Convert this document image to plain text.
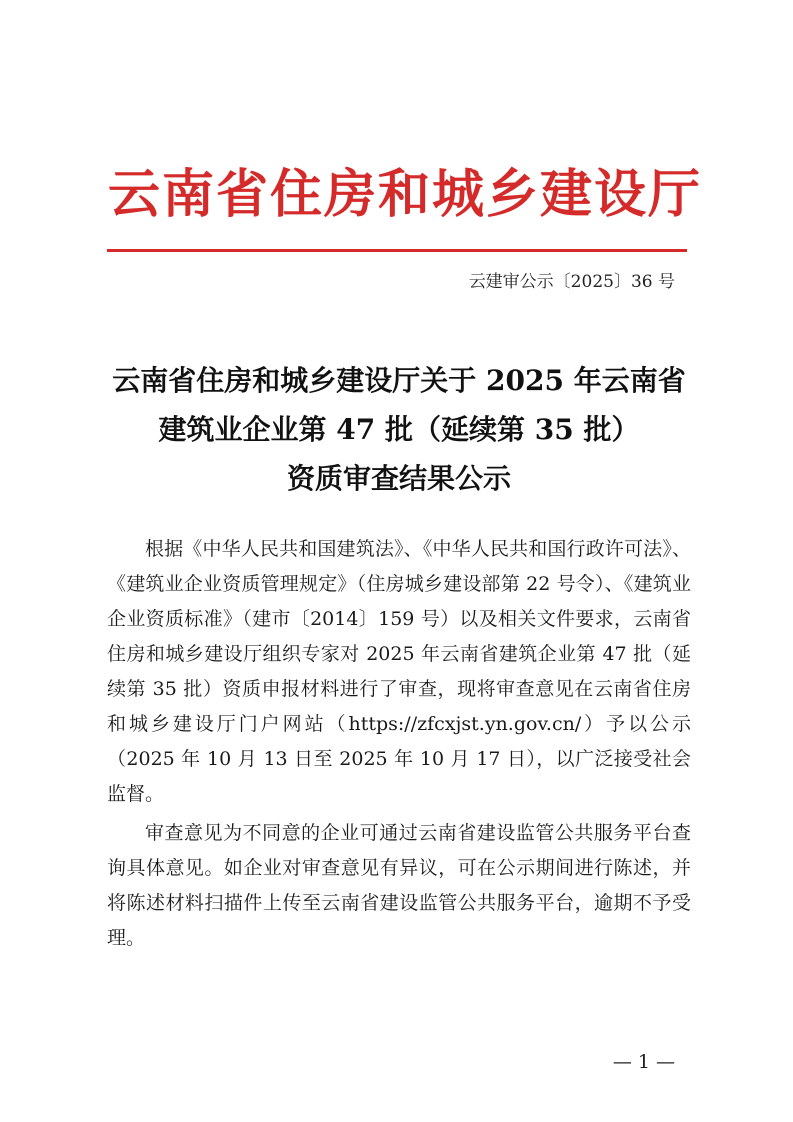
云南省住房和城乡建设厅
云建审公示〔2025〕36 号
云南省住房和城乡建设厅关于 2025 年云南省
建筑业企业第 47 批（延续第 35 批）
资质审查结果公示

根据《中华人民共和国建筑法》、《中华人民共和国行政许可法》、《建筑业企业资质管理规定》（住房城乡建设部第 22 号令）、《建筑业企业资质标准》（建市〔2014〕159 号）以及相关文件要求，云南省住房和城乡建设厅组织专家对 2025 年云南省建筑企业第 47 批（延续第 35 批）资质申报材料进行了审查，现将审查意见在云南省住房和城乡建设厅门户网站（https://zfcxjst.yn.gov.cn/）予以公示（2025 年 10 月 13 日至 2025 年 10 月 17 日），以广泛接受社会监督。

审查意见为不同意的企业可通过云南省建设监管公共服务平台查询具体意见。如企业对审查意见有异议，可在公示期间进行陈述，并将陈述材料扫描件上传至云南省建设监管公共服务平台，逾期不予受理。

— 1 —
